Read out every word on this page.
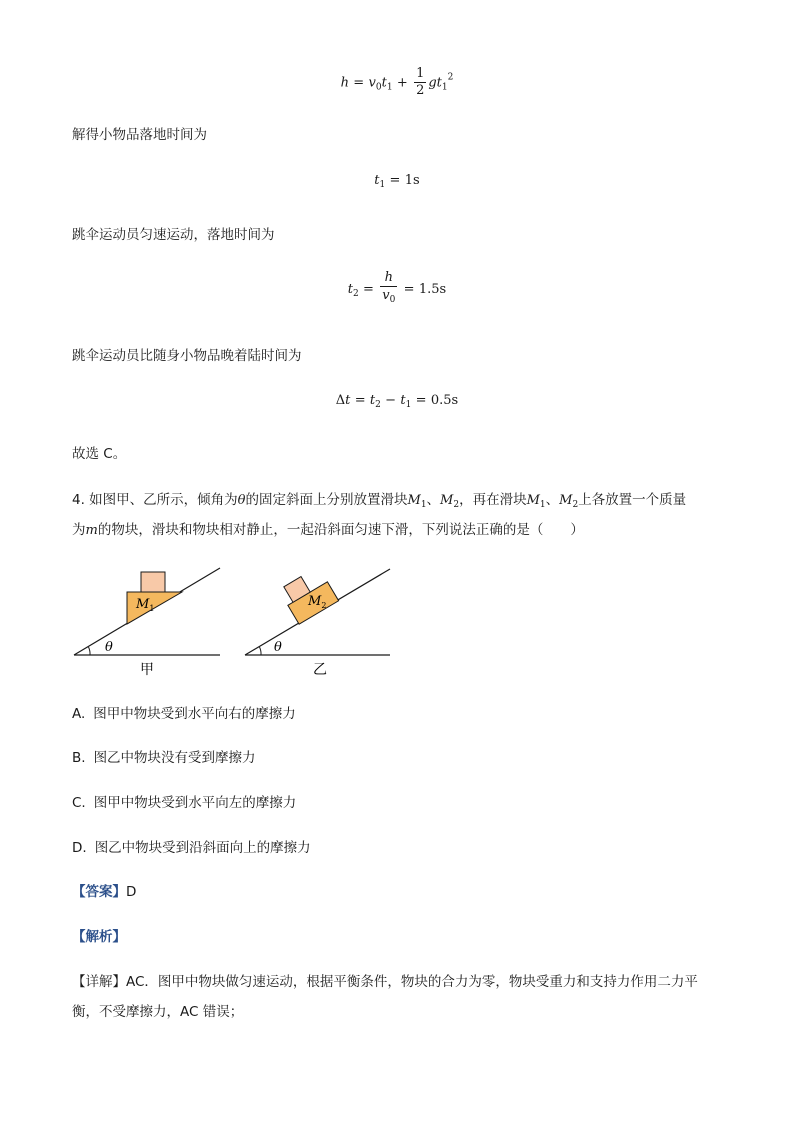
$h = v_0t_1 + \frac{1}{2} gt_1^2$
解得小物品落地时间为
$t_1 = 1s$
跳伞运动员匀速运动，落地时间为
$t_2 = \frac{h}{v_0} = 1.5s$
跳伞运动员比随身小物品晚着陆时间为
$\Delta t = t_2 - t_1 = 0.5s$
故选 C。
4. 如图甲、乙所示，倾角为θ的固定斜面上分别放置滑块$M_1$、$M_2$，再在滑块$M_1$、$M_2$上各放置一个质量
为m的物块，滑块和物块相对静止，一起沿斜面匀速下滑，下列说法正确的是（　　）
θ
$M_1$
甲
θ
$M_2$
乙
A. 图甲中物块受到水平向右的摩擦力
B. 图乙中物块没有受到摩擦力
C. 图甲中物块受到水平向左的摩擦力
D. 图乙中物块受到沿斜面向上的摩擦力
【答案】D
【解析】
【详解】AC．图甲中物块做匀速运动，根据平衡条件，物块的合力为零，物块受重力和支持力作用二力平
衡，不受摩擦力，AC 错误；
